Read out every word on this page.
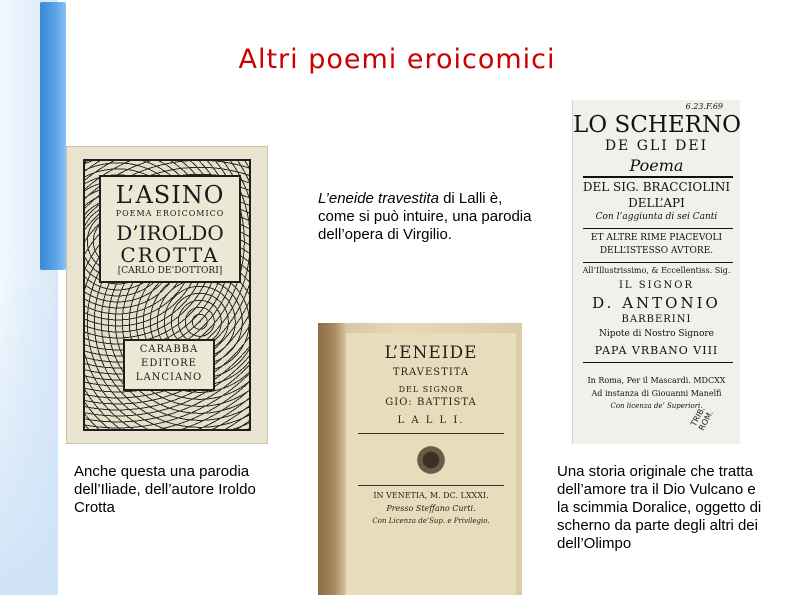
Altri poemi eroicomici
L’ASINO
POEMA EROICOMICO
D’IROLDO
CROTTA
[CARLO DE’DOTTORI]
CARABBA
EDITORE
LANCIANO
L’ENEIDE
TRAVESTITA
DEL SIGNOR
GIO: BATTISTA
L A L L I.
IN VENETIA, M. DC. LXXXI.
Presso Steffano Curti.
Con Licenza de’Sup. e Privilegio.
6.23.F.69
LO SCHERNO
DE GLI DEI
Poema
DEL SIG. BRACCIOLINI
DELL’API
Con l’aggiunta di sei Canti
ET ALTRE RIME PIACEVOLI
DELL’ISTESSO AVTORE.
All’Illustrissimo, & Eccellentiss. Sig.
IL SIGNOR
D. ANTONIO
BARBERINI
Nipote di Nostro Signore
PAPA VRBANO VIII
In Roma, Per il Mascardi. MDCXX
Ad instanza di Giouanni Manelfi
Con licenza de’ Superiori.
TRIB. ROM.
Anche questa una parodia dell’Iliade, dell’autore Iroldo Crotta
L’eneide travestita di Lalli è, come si può intuire, una parodia dell’opera di Virgilio.
Una storia originale che tratta dell’amore tra il Dio Vulcano e la scimmia Doralice, oggetto di scherno da parte degli altri dei dell’Olimpo
